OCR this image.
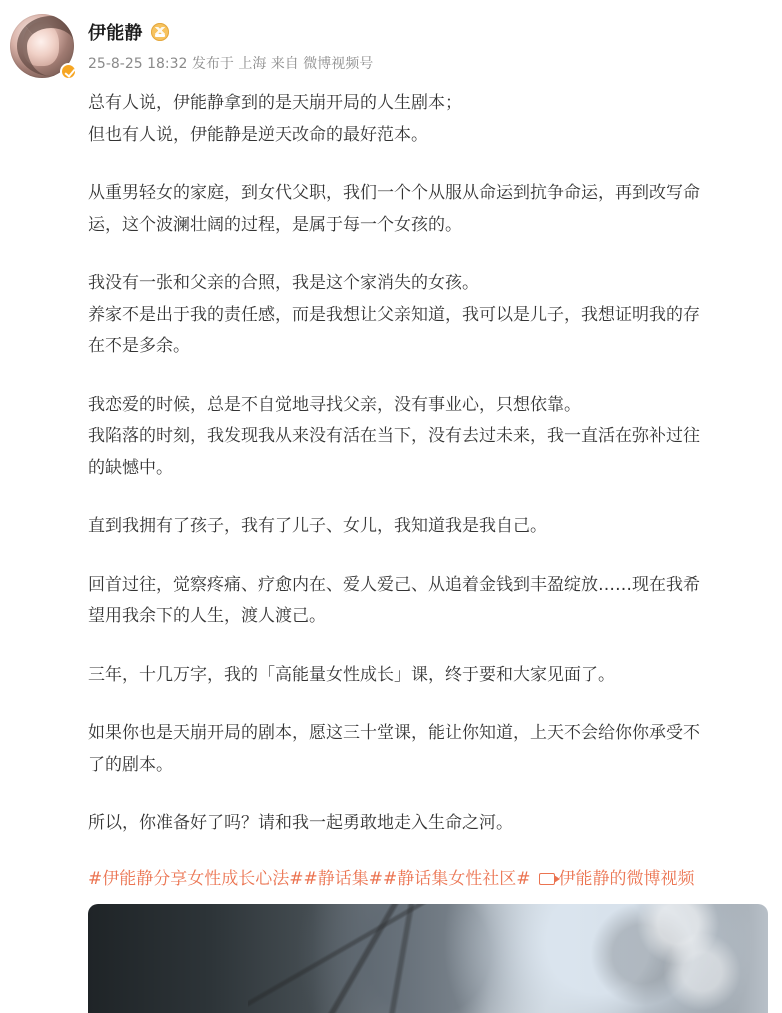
伊能静
25-8-25 18:32 发布于 上海 来自 微博视频号
总有人说，伊能静拿到的是天崩开局的人生剧本；
但也有人说，伊能静是逆天改命的最好范本。
从重男轻女的家庭，到女代父职，我们一个个从服从命运到抗争命运，再到改写命
运，这个波澜壮阔的过程，是属于每一个女孩的。
我没有一张和父亲的合照，我是这个家消失的女孩。
养家不是出于我的责任感，而是我想让父亲知道，我可以是儿子，我想证明我的存
在不是多余。
我恋爱的时候，总是不自觉地寻找父亲，没有事业心，只想依靠。
我陷落的时刻，我发现我从来没有活在当下，没有去过未来，我一直活在弥补过往
的缺憾中。
直到我拥有了孩子，我有了儿子、女儿，我知道我是我自己。
回首过往，觉察疼痛、疗愈内在、爱人爱己、从追着金钱到丰盈绽放……现在我希
望用我余下的人生，渡人渡己。
三年，十几万字，我的「高能量女性成长」课，终于要和大家见面了。
如果你也是天崩开局的剧本，愿这三十堂课，能让你知道，上天不会给你你承受不
了的剧本。
所以，你准备好了吗？请和我一起勇敢地走入生命之河。
#伊能静分享女性成长心法# #静话集# #静话集女性社区# 伊能静的微博视频
